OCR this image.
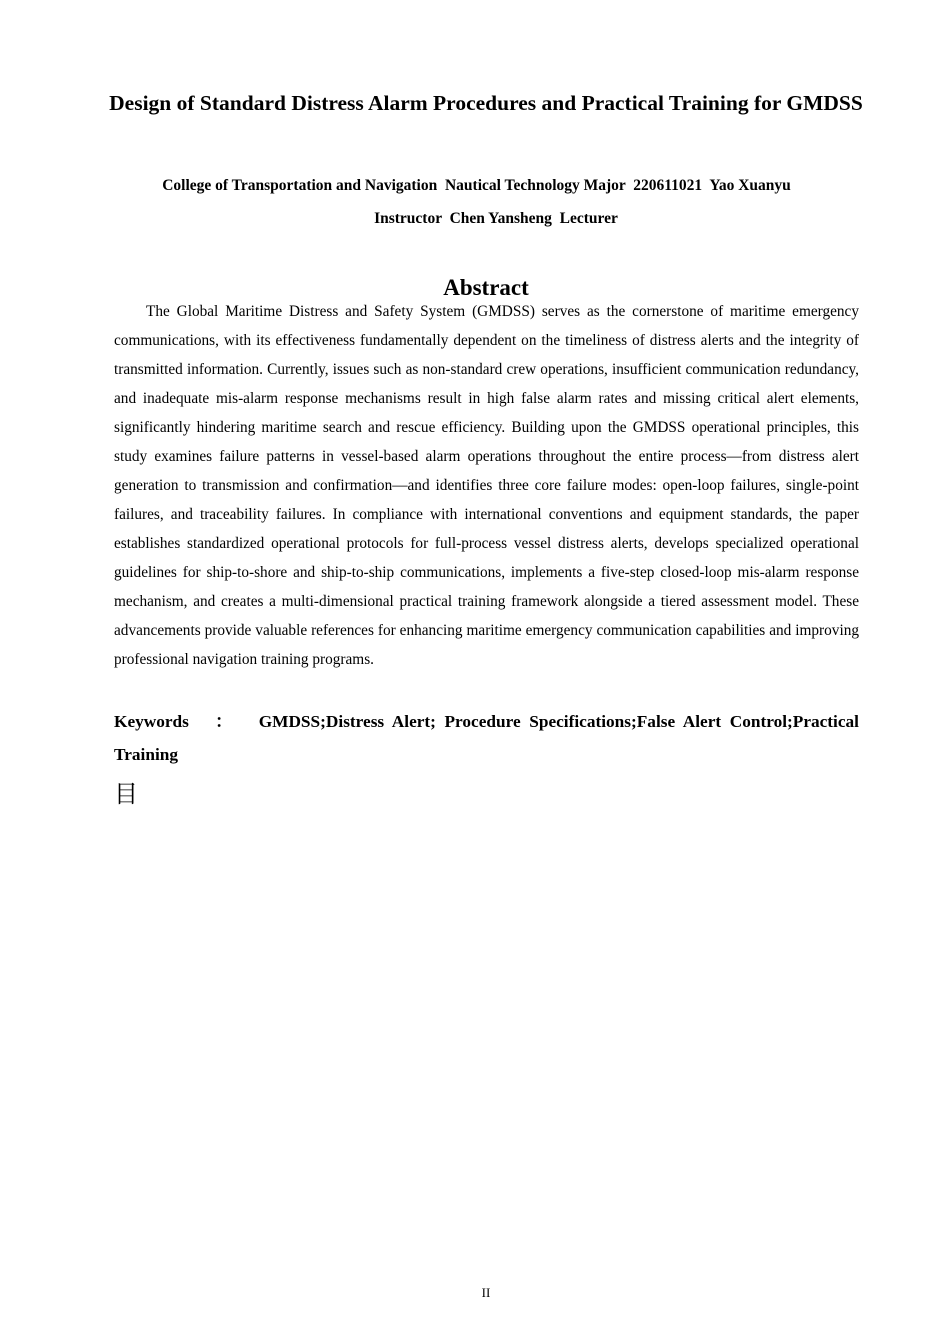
Design of Standard Distress Alarm Procedures and Practical Training for GMDSS

College of Transportation and Navigation  Nautical Technology Major  220611021  Yao Xuanyu

Instructor  Chen Yansheng  Lecturer

Abstract

The Global Maritime Distress and Safety System (GMDSS) serves as the cornerstone of maritime emergency communications, with its effectiveness fundamentally dependent on the timeliness of distress alerts and the integrity of transmitted information. Currently, issues such as non-standard crew operations, insufficient communication redundancy, and inadequate mis-alarm response mechanisms result in high false alarm rates and missing critical alert elements, significantly hindering maritime search and rescue efficiency. Building upon the GMDSS operational principles, this study examines failure patterns in vessel-based alarm operations throughout the entire process—from distress alert generation to transmission and confirmation—and identifies three core failure modes: open-loop failures, single-point failures, and traceability failures. In compliance with international conventions and equipment standards, the paper establishes standardized operational protocols for full-process vessel distress alerts, develops specialized operational guidelines for ship-to-shore and ship-to-ship communications, implements a five-step closed-loop mis-alarm response mechanism, and creates a multi-dimensional practical training framework alongside a tiered assessment model. These advancements provide valuable references for enhancing maritime emergency communication capabilities and improving professional navigation training programs.

Keywords ： GMDSS;Distress Alert; Procedure Specifications;False Alert Control;Practical Training

目
II
